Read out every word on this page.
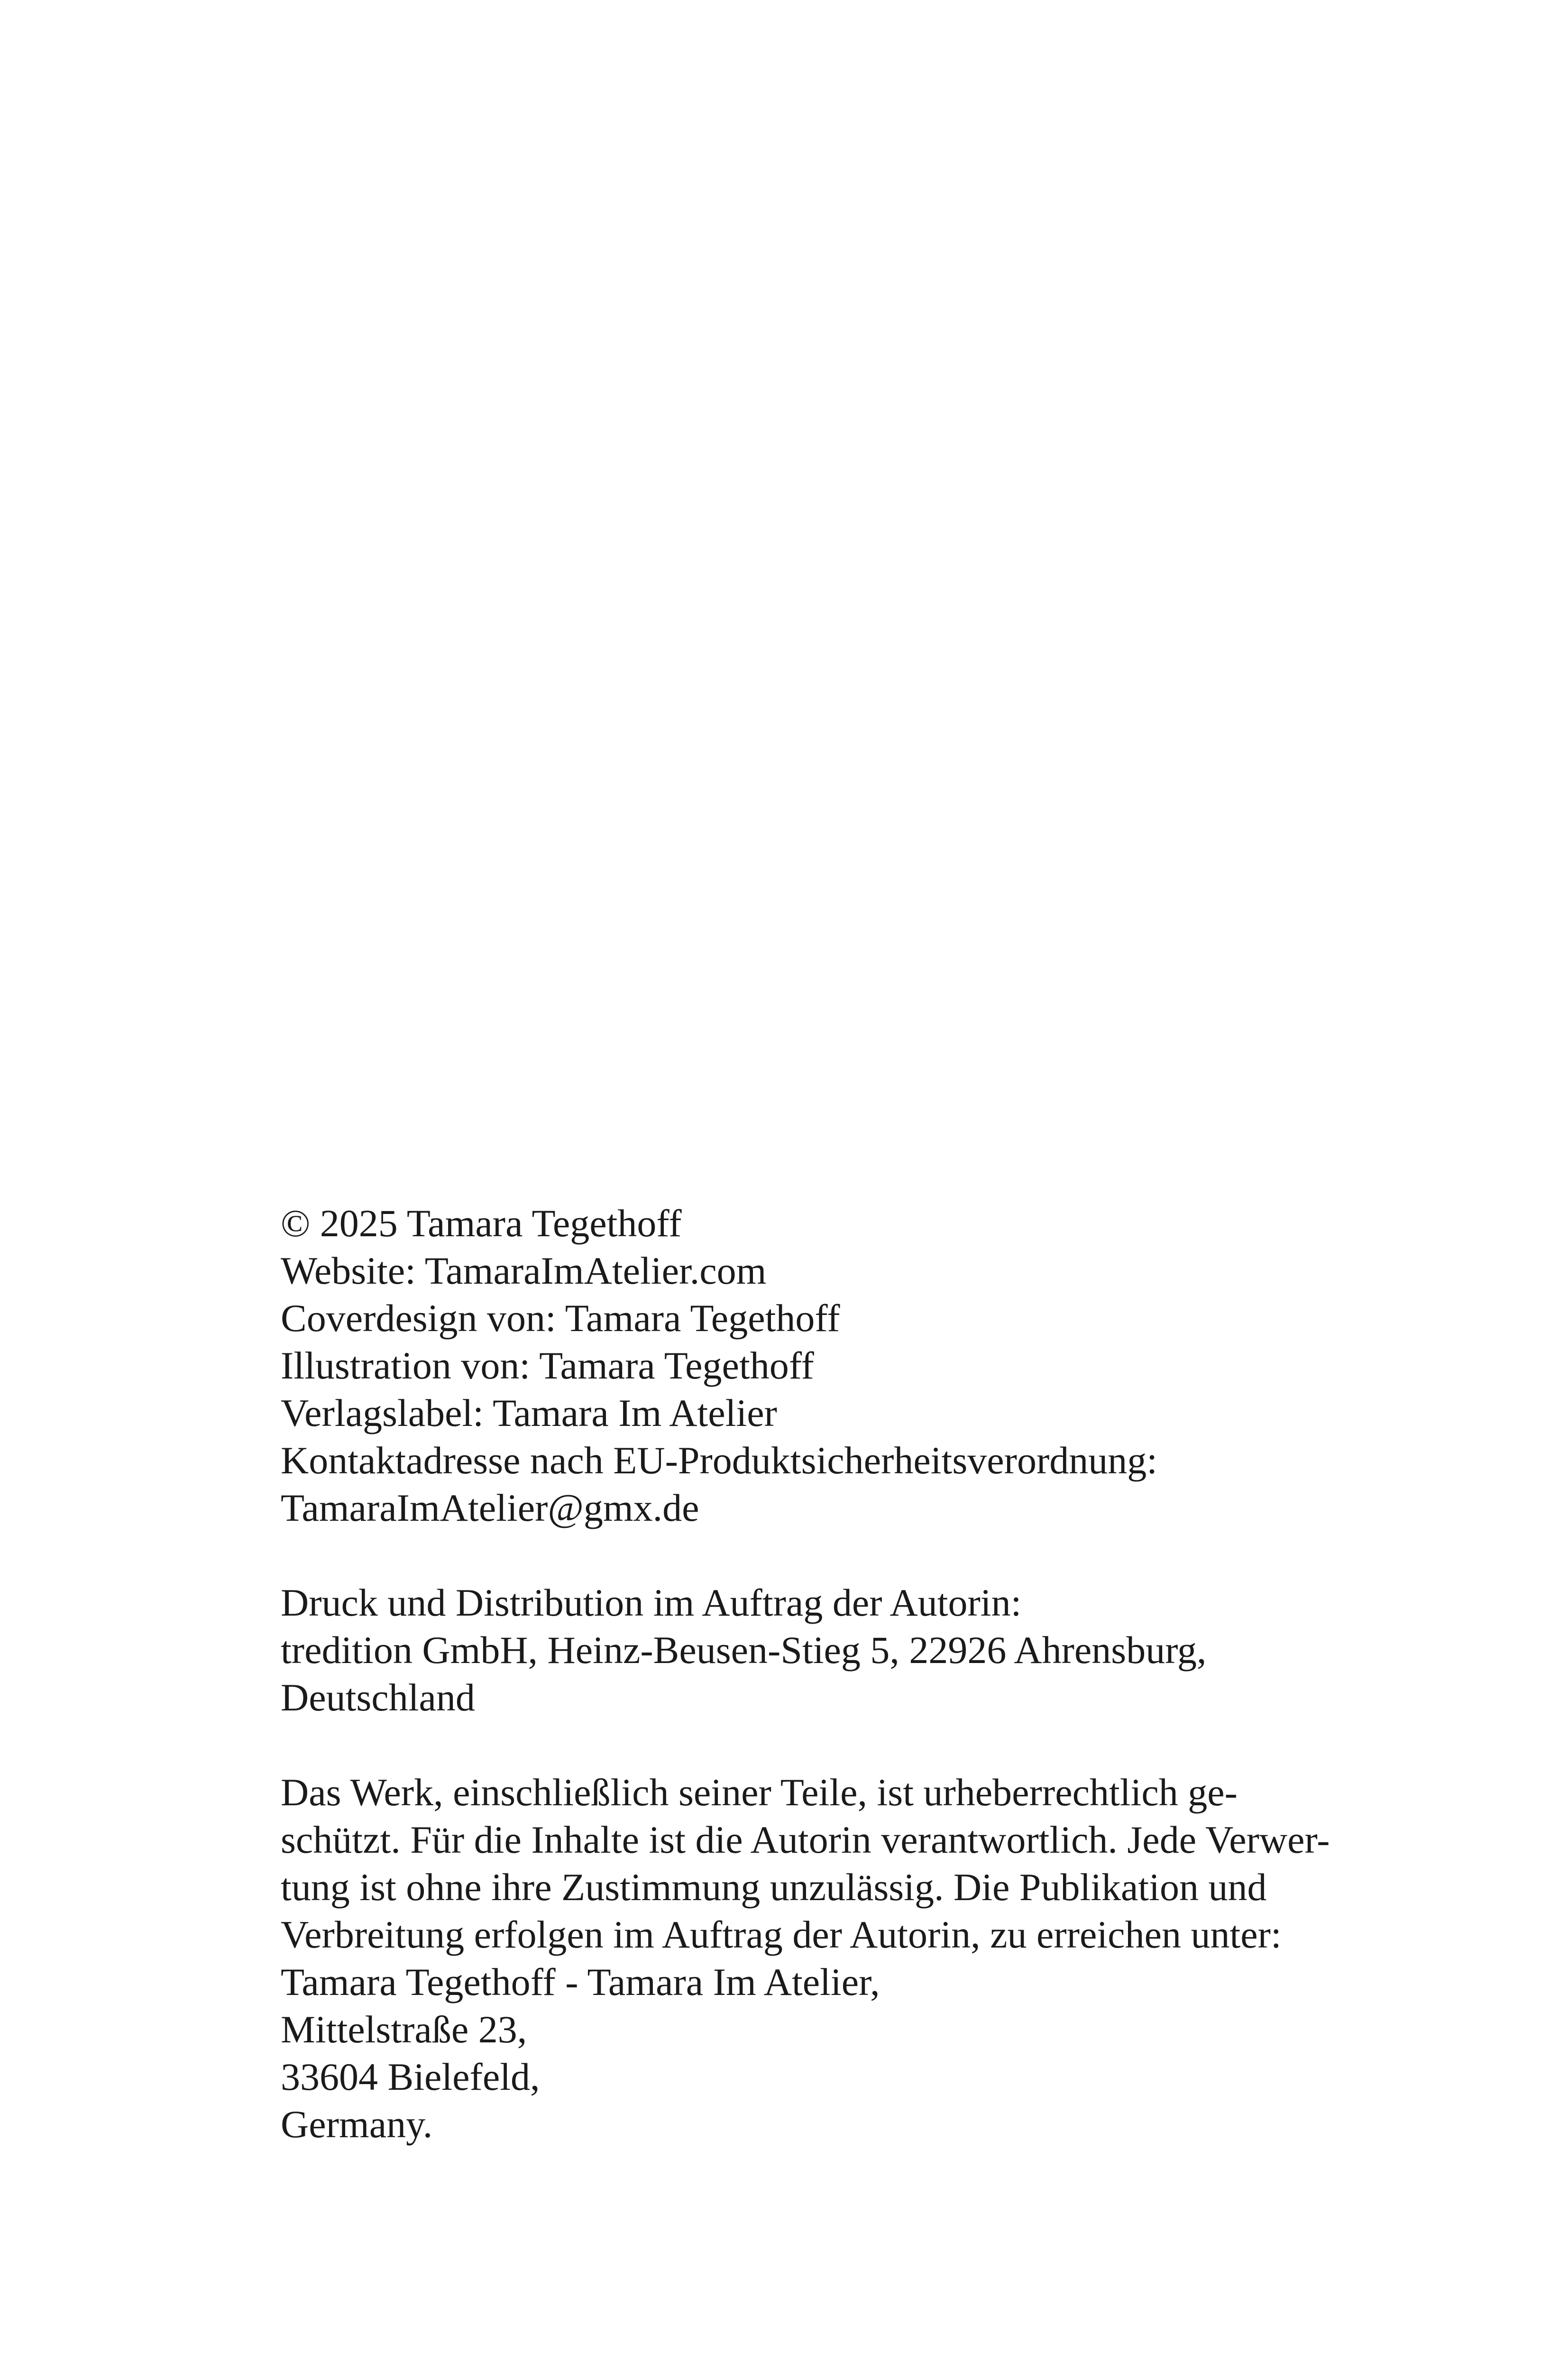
© 2025 Tamara Tegethoff
Website: TamaraImAtelier.com
Coverdesign von: Tamara Tegethoff
Illustration von: Tamara Tegethoff
Verlagslabel: Tamara Im Atelier
Kontaktadresse nach EU-Produktsicherheitsverordnung:
TamaraImAtelier@gmx.de

Druck und Distribution im Auftrag der Autorin:
tredition GmbH, Heinz-Beusen-Stieg 5, 22926 Ahrensburg,
Deutschland

Das Werk, einschließlich seiner Teile, ist urheberrechtlich ge-
schützt. Für die Inhalte ist die Autorin verantwortlich. Jede Verwer-
tung ist ohne ihre Zustimmung unzulässig. Die Publikation und
Verbreitung erfolgen im Auftrag der Autorin, zu erreichen unter:
Tamara Tegethoff - Tamara Im Atelier,
Mittelstraße 23,
33604 Bielefeld,
Germany.
